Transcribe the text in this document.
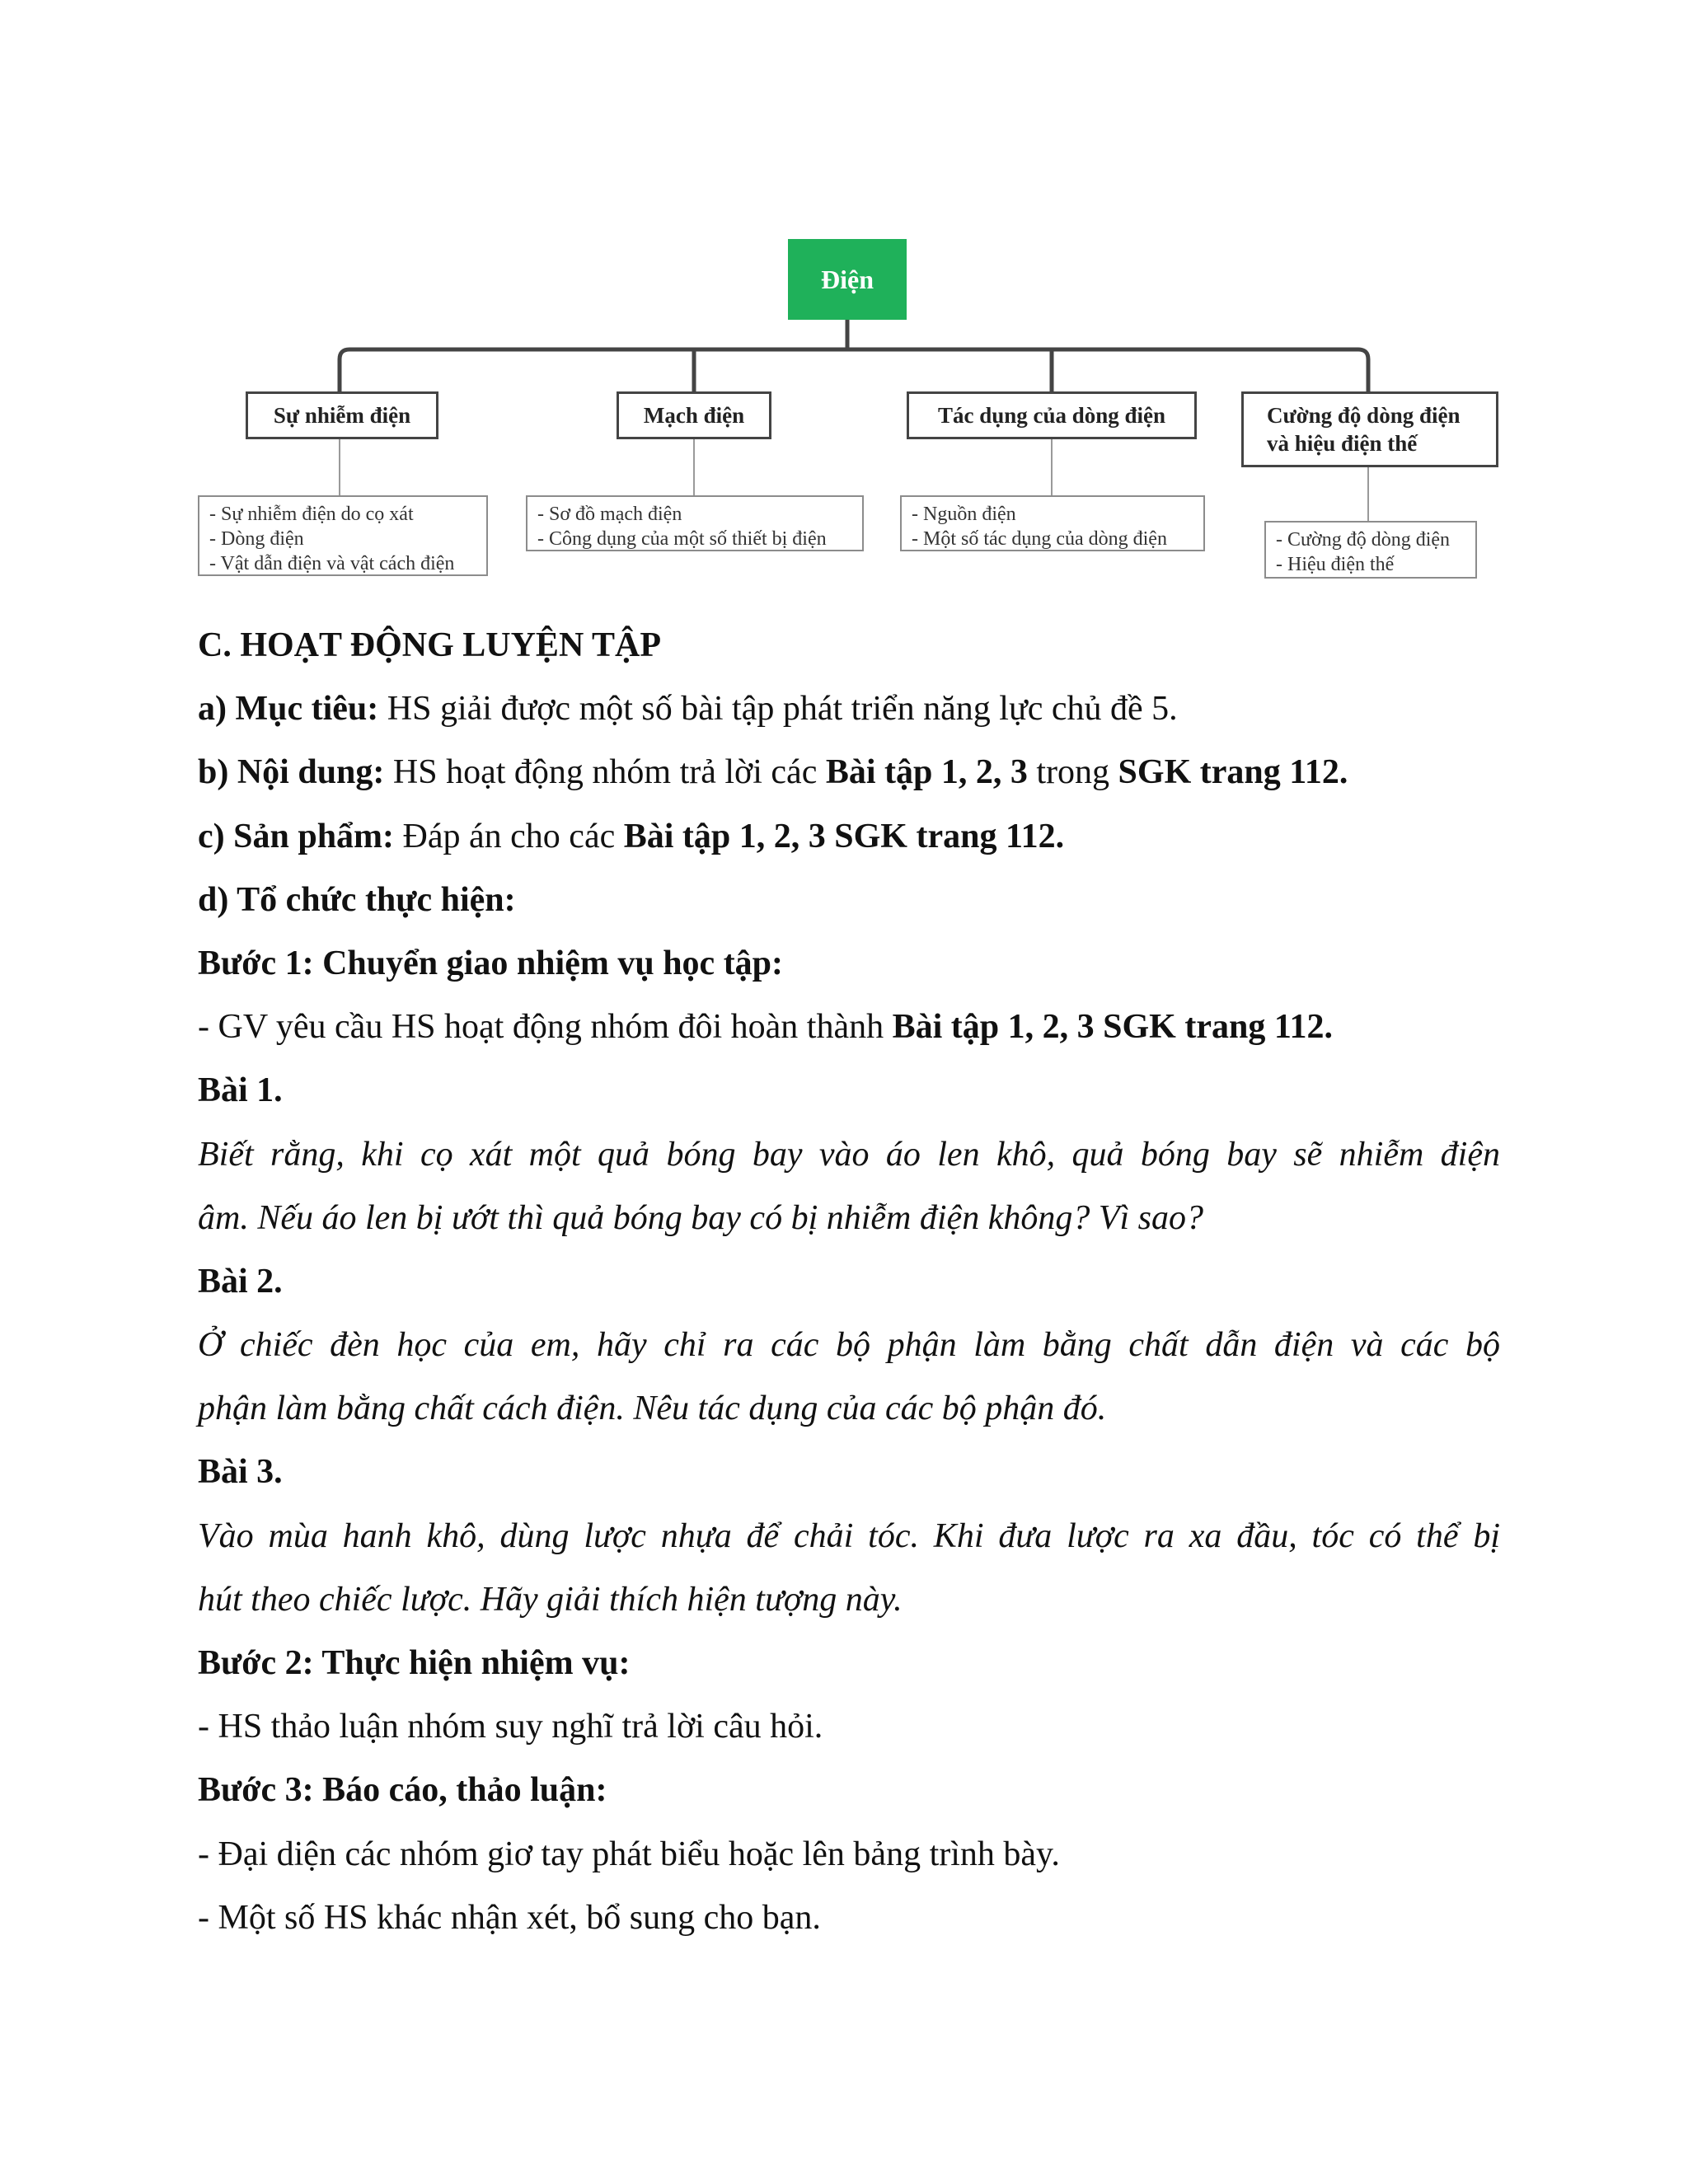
Điện
Sự nhiễm điện	Mạch điện	Tác dụng của dòng điện	Cường độ dòng điện
và hiệu điện thế
- Sự nhiễm điện do cọ xát
- Dòng điện
- Vật dẫn điện và vật cách điện
- Sơ đồ mạch điện
- Công dụng của một số thiết bị điện
- Nguồn điện
- Một số tác dụng của dòng điện	- Cường độ dòng điện
- Hiệu điện thế
C. HOẠT ĐỘNG LUYỆN TẬP
a) Mục tiêu: HS giải được một số bài tập phát triển năng lực chủ đề 5.
b) Nội dung: HS hoạt động nhóm trả lời các Bài tập 1, 2, 3 trong SGK trang 112.
c) Sản phẩm: Đáp án cho các Bài tập 1, 2, 3 SGK trang 112.
d) Tổ chức thực hiện:
Bước 1: Chuyển giao nhiệm vụ học tập:
- GV yêu cầu HS hoạt động nhóm đôi hoàn thành Bài tập 1, 2, 3 SGK trang 112.
Bài 1.
Biết rằng, khi cọ xát một quả bóng bay vào áo len khô, quả bóng bay sẽ nhiễm điện
âm. Nếu áo len bị ướt thì quả bóng bay có bị nhiễm điện không? Vì sao?
Bài 2.
Ở chiếc đèn học của em, hãy chỉ ra các bộ phận làm bằng chất dẫn điện và các bộ
phận làm bằng chất cách điện. Nêu tác dụng của các bộ phận đó.
Bài 3.
Vào mùa hanh khô, dùng lược nhựa để chải tóc. Khi đưa lược ra xa đầu, tóc có thể bị
hút theo chiếc lược. Hãy giải thích hiện tượng này.
Bước 2: Thực hiện nhiệm vụ:
- HS thảo luận nhóm suy nghĩ trả lời câu hỏi.
Bước 3: Báo cáo, thảo luận:
- Đại diện các nhóm giơ tay phát biểu hoặc lên bảng trình bày.
- Một số HS khác nhận xét, bổ sung cho bạn.
